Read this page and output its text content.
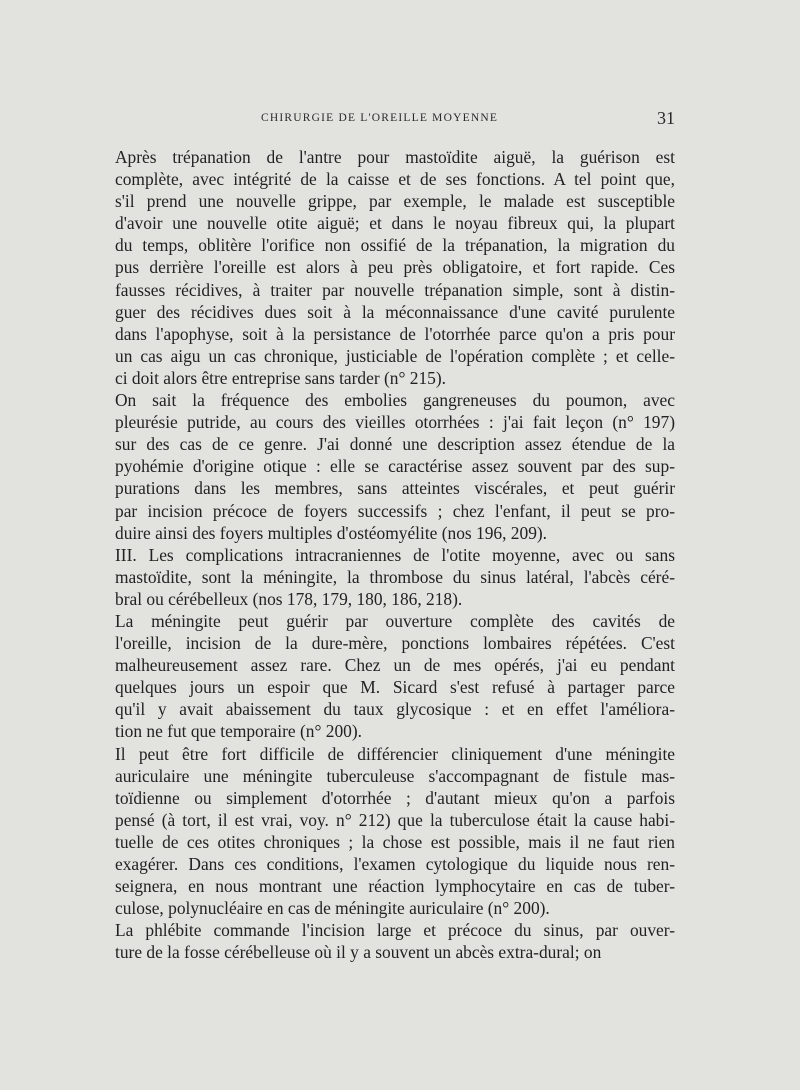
CHIRURGIE DE L'OREILLE MOYENNE	31

Après trépanation de l'antre pour mastoïdite aiguë, la guérison est
complète, avec intégrité de la caisse et de ses fonctions. A tel point que,
s'il prend une nouvelle grippe, par exemple, le malade est susceptible
d'avoir une nouvelle otite aiguë; et dans le noyau fibreux qui, la plupart
du temps, oblitère l'orifice non ossifié de la trépanation, la migration du
pus derrière l'oreille est alors à peu près obligatoire, et fort rapide. Ces
fausses récidives, à traiter par nouvelle trépanation simple, sont à distin-
guer des récidives dues soit à la méconnaissance d'une cavité purulente
dans l'apophyse, soit à la persistance de l'otorrhée parce qu'on a pris pour
un cas aigu un cas chronique, justiciable de l'opération complète ; et celle-
ci doit alors être entreprise sans tarder (n° 215).

On sait la fréquence des embolies gangreneuses du poumon, avec
pleurésie putride, au cours des vieilles otorrhées : j'ai fait leçon (n° 197)
sur des cas de ce genre. J'ai donné une description assez étendue de la
pyohémie d'origine otique : elle se caractérise assez souvent par des sup-
purations dans les membres, sans atteintes viscérales, et peut guérir
par incision précoce de foyers successifs ; chez l'enfant, il peut se pro-
duire ainsi des foyers multiples d'ostéomyélite (nos 196, 209).

III. Les complications intracraniennes de l'otite moyenne, avec ou sans
mastoïdite, sont la méningite, la thrombose du sinus latéral, l'abcès céré-
bral ou cérébelleux (nos 178, 179, 180, 186, 218).

La méningite peut guérir par ouverture complète des cavités de
l'oreille, incision de la dure-mère, ponctions lombaires répétées. C'est
malheureusement assez rare. Chez un de mes opérés, j'ai eu pendant
quelques jours un espoir que M. Sicard s'est refusé à partager parce
qu'il y avait abaissement du taux glycosique : et en effet l'améliora-
tion ne fut que temporaire (n° 200).

Il peut être fort difficile de différencier cliniquement d'une méningite
auriculaire une méningite tuberculeuse s'accompagnant de fistule mas-
toïdienne ou simplement d'otorrhée ; d'autant mieux qu'on a parfois
pensé (à tort, il est vrai, voy. n° 212) que la tuberculose était la cause habi-
tuelle de ces otites chroniques ; la chose est possible, mais il ne faut rien
exagérer. Dans ces conditions, l'examen cytologique du liquide nous ren-
seignera, en nous montrant une réaction lymphocytaire en cas de tuber-
culose, polynucléaire en cas de méningite auriculaire (n° 200).

La phlébite commande l'incision large et précoce du sinus, par ouver-
ture de la fosse cérébelleuse où il y a souvent un abcès extra-dural; on
